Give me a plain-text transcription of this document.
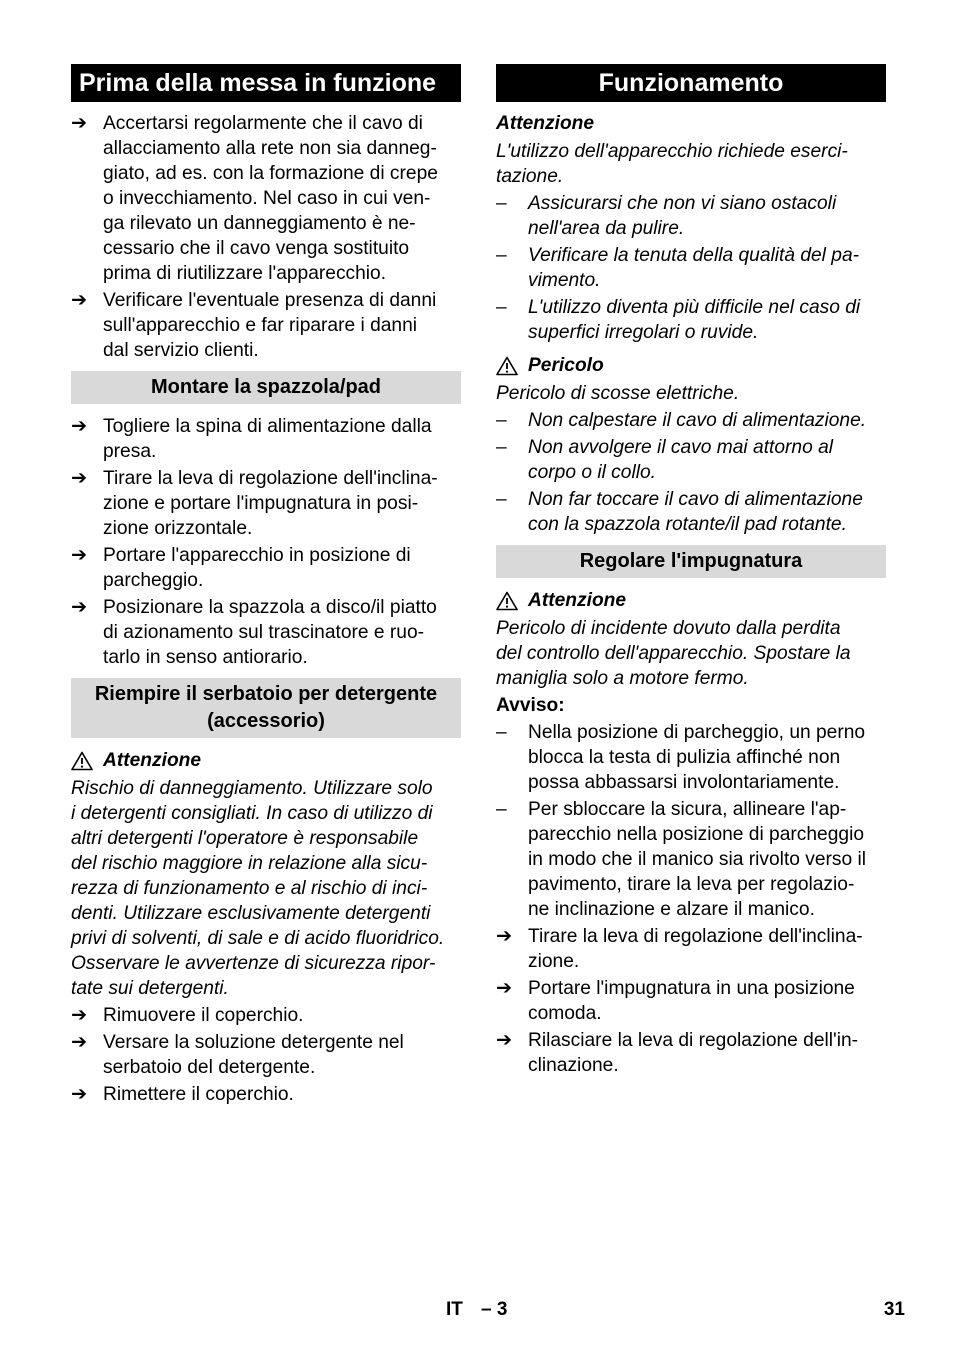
Prima della messa in funzione
➔ Accertarsi regolarmente che il cavo di
allacciamento alla rete non sia danneg-
giato, ad es. con la formazione di crepe
o invecchiamento. Nel caso in cui ven-
ga rilevato un danneggiamento è ne-
cessario che il cavo venga sostituito
prima di riutilizzare l'apparecchio.
➔ Verificare l'eventuale presenza di danni
sull'apparecchio e far riparare i danni
dal servizio clienti.
Montare la spazzola/pad
➔ Togliere la spina di alimentazione dalla
presa.
➔ Tirare la leva di regolazione dell'inclina-
zione e portare l'impugnatura in posi-
zione orizzontale.
➔ Portare l'apparecchio in posizione di
parcheggio.
➔ Posizionare la spazzola a disco/il piatto
di azionamento sul trascinatore e ruo-
tarlo in senso antiorario.
Riempire il serbatoio per detergente
(accessorio)
Attenzione
Rischio di danneggiamento. Utilizzare solo
i detergenti consigliati. In caso di utilizzo di
altri detergenti l'operatore è responsabile
del rischio maggiore in relazione alla sicu-
rezza di funzionamento e al rischio di inci-
denti. Utilizzare esclusivamente detergenti
privi di solventi, di sale e di acido fluoridrico.
Osservare le avvertenze di sicurezza ripor-
tate sui detergenti.
➔ Rimuovere il coperchio.
➔ Versare la soluzione detergente nel
serbatoio del detergente.
➔ Rimettere il coperchio.
Funzionamento
Attenzione
L'utilizzo dell'apparecchio richiede eserci-
tazione.
–	Assicurarsi che non vi siano ostacoli
nell'area da pulire.
–	Verificare la tenuta della qualità del pa-
vimento.
–	L'utilizzo diventa più difficile nel caso di
superfici irregolari o ruvide.
Pericolo
Pericolo di scosse elettriche.
–	Non calpestare il cavo di alimentazione.
–	Non avvolgere il cavo mai attorno al
corpo o il collo.
–	Non far toccare il cavo di alimentazione
con la spazzola rotante/il pad rotante.
Regolare l'impugnatura
Attenzione
Pericolo di incidente dovuto dalla perdita
del controllo dell'apparecchio. Spostare la
maniglia solo a motore fermo.
Avviso:
–	Nella posizione di parcheggio, un perno
blocca la testa di pulizia affinché non
possa abbassarsi involontariamente.
–	Per sbloccare la sicura, allineare l'ap-
parecchio nella posizione di parcheggio
in modo che il manico sia rivolto verso il
pavimento, tirare la leva per regolazio-
ne inclinazione e alzare il manico.
➔ Tirare la leva di regolazione dell'inclina-
zione.
➔ Portare l'impugnatura in una posizione
comoda.
➔ Rilasciare la leva di regolazione dell'in-
clinazione.
IT – 3	31
